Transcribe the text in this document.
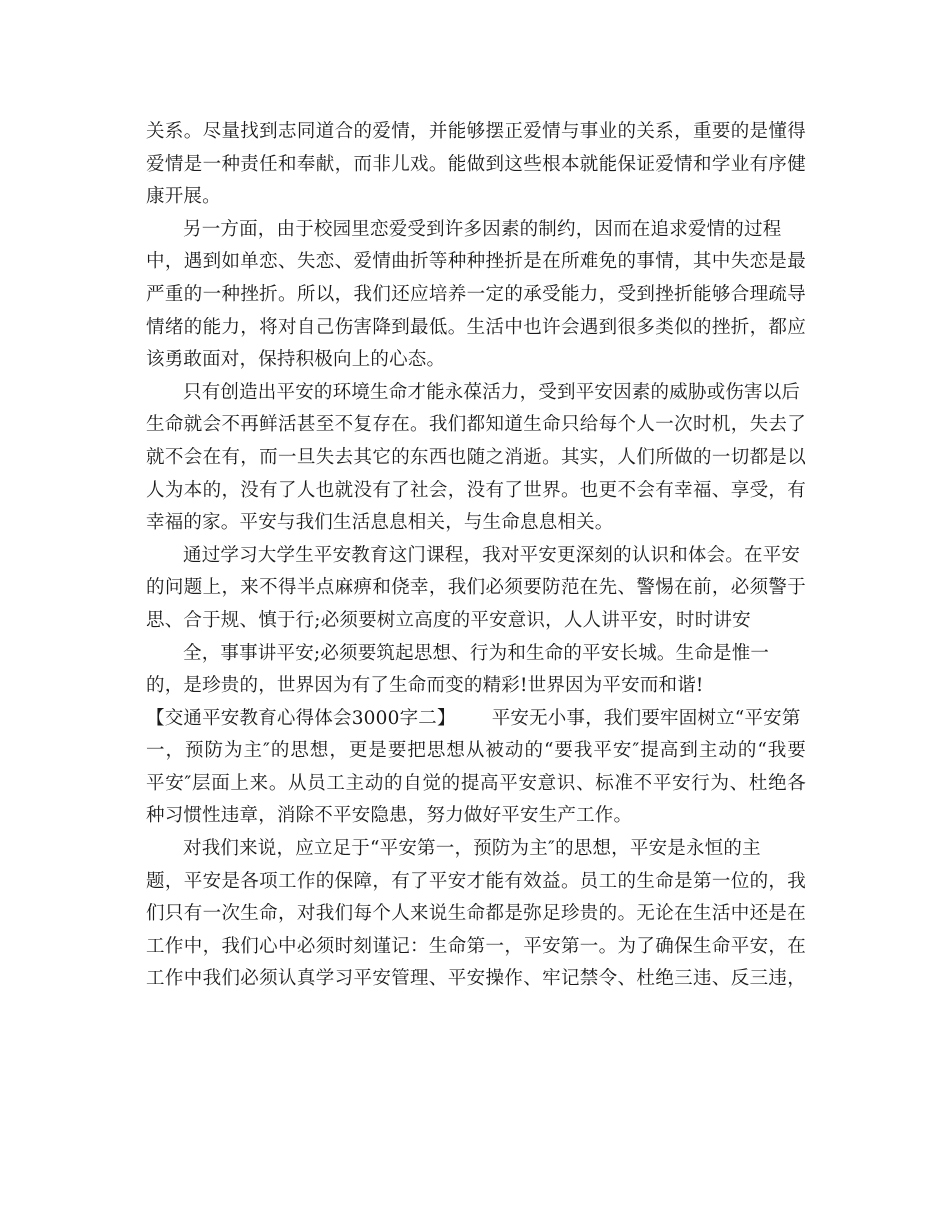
关系。尽量找到志同道合的爱情，并能够摆正爱情与事业的关系，重要的是懂得
爱情是一种责任和奉献，而非儿戏。能做到这些根本就能保证爱情和学业有序健
康开展。
另一方面，由于校园里恋爱受到许多因素的制约，因而在追求爱情的过程
中，遇到如单恋、失恋、爱情曲折等种种挫折是在所难免的事情，其中失恋是最
严重的一种挫折。所以，我们还应培养一定的承受能力，受到挫折能够合理疏导
情绪的能力，将对自己伤害降到最低。生活中也许会遇到很多类似的挫折，都应
该勇敢面对，保持积极向上的心态。
只有创造出平安的环境生命才能永葆活力，受到平安因素的威胁或伤害以后
生命就会不再鲜活甚至不复存在。我们都知道生命只给每个人一次时机，失去了
就不会在有，而一旦失去其它的东西也随之消逝。其实，人们所做的一切都是以
人为本的，没有了人也就没有了社会，没有了世界。也更不会有幸福、享受，有
幸福的家。平安与我们生活息息相关，与生命息息相关。
通过学习大学生平安教育这门课程，我对平安更深刻的认识和体会。在平安
的问题上，来不得半点麻痹和侥幸，我们必须要防范在先、警惕在前，必须警于
思、合于规、慎于行;必须要树立高度的平安意识，人人讲平安，时时讲安
全，事事讲平安;必须要筑起思想、行为和生命的平安长城。生命是惟一
的，是珍贵的，世界因为有了生命而变的精彩!世界因为平安而和谐!
【交通平安教育心得体会3000字二】 平安无小事，我们要牢固树立“平安第
一，预防为主″的思想，更是要把思想从被动的“要我平安″提高到主动的“我要
平安″层面上来。从员工主动的自觉的提高平安意识、标准不平安行为、杜绝各
种习惯性违章，消除不平安隐患，努力做好平安生产工作。
对我们来说，应立足于“平安第一，预防为主″的思想，平安是永恒的主
题，平安是各项工作的保障，有了平安才能有效益。员工的生命是第一位的，我
们只有一次生命，对我们每个人来说生命都是弥足珍贵的。无论在生活中还是在
工作中，我们心中必须时刻谨记：生命第一，平安第一。为了确保生命平安，在
工作中我们必须认真学习平安管理、平安操作、牢记禁令、杜绝三违、反三违，
